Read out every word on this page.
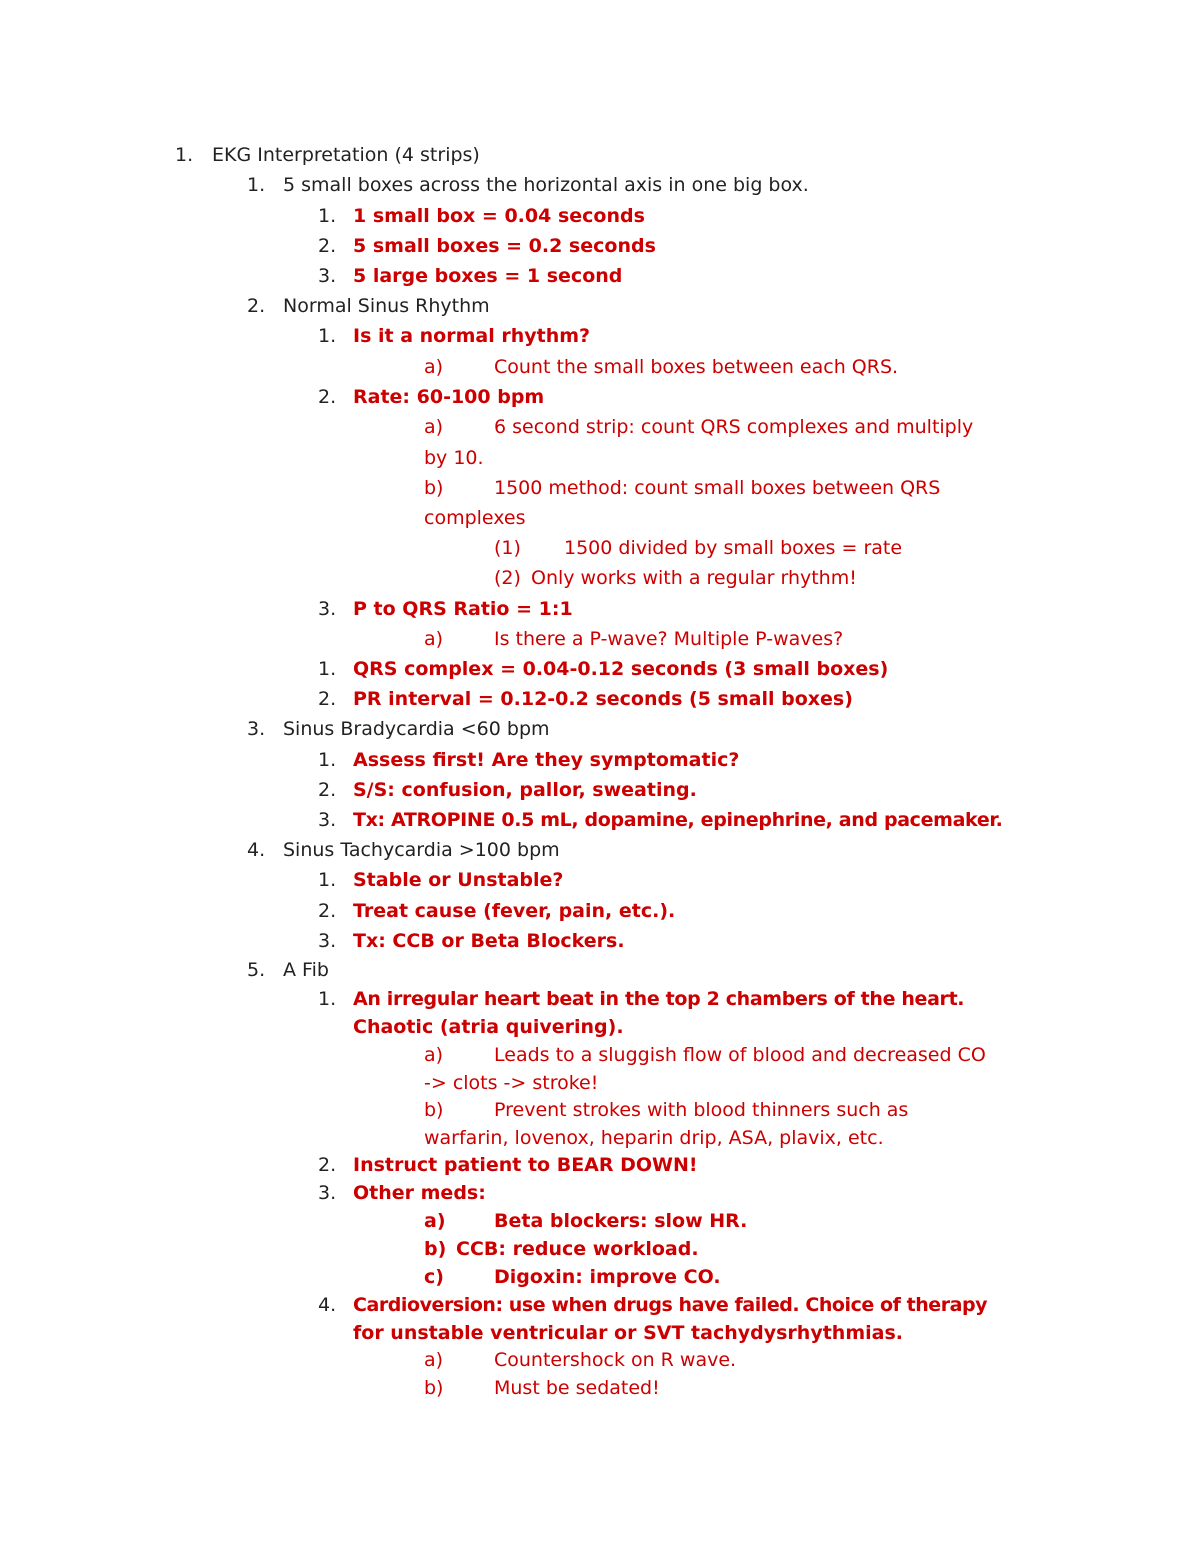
1. EKG Interpretation (4 strips)
1. 5 small boxes across the horizontal axis in one big box.
1. 1 small box = 0.04 seconds
2. 5 small boxes = 0.2 seconds
3. 5 large boxes = 1 second
2. Normal Sinus Rhythm
1. Is it a normal rhythm?
a)	Count the small boxes between each QRS.
2. Rate: 60-100 bpm
a)	6 second strip: count QRS complexes and multiply
by 10.
b)	1500 method: count small boxes between QRS
complexes
(1) 1500 divided by small boxes = rate
(2) Only works with a regular rhythm!
3. P to QRS Ratio = 1:1
a)	Is there a P-wave? Multiple P-waves?
1. QRS complex = 0.04-0.12 seconds (3 small boxes)
2. PR interval = 0.12-0.2 seconds (5 small boxes)
3. Sinus Bradycardia <60 bpm
1. Assess first! Are they symptomatic?
2. S/S: confusion, pallor, sweating.
3. Tx: ATROPINE 0.5 mL, dopamine, epinephrine, and pacemaker.
4. Sinus Tachycardia >100 bpm
1. Stable or Unstable?
2. Treat cause (fever, pain, etc.).
3. Tx: CCB or Beta Blockers.
5. A Fib
1. An irregular heart beat in the top 2 chambers of the heart.
Chaotic (atria quivering).
a)	Leads to a sluggish flow of blood and decreased CO
-> clots -> stroke!
b)	Prevent strokes with blood thinners such as
warfarin, lovenox, heparin drip, ASA, plavix, etc.
2. Instruct patient to BEAR DOWN!
3. Other meds:
a)	Beta blockers: slow HR.
b) CCB: reduce workload.
c)	Digoxin: improve CO.
4. Cardioversion: use when drugs have failed. Choice of therapy
for unstable ventricular or SVT tachydysrhythmias.
a)	Countershock on R wave.
b)	Must be sedated!
